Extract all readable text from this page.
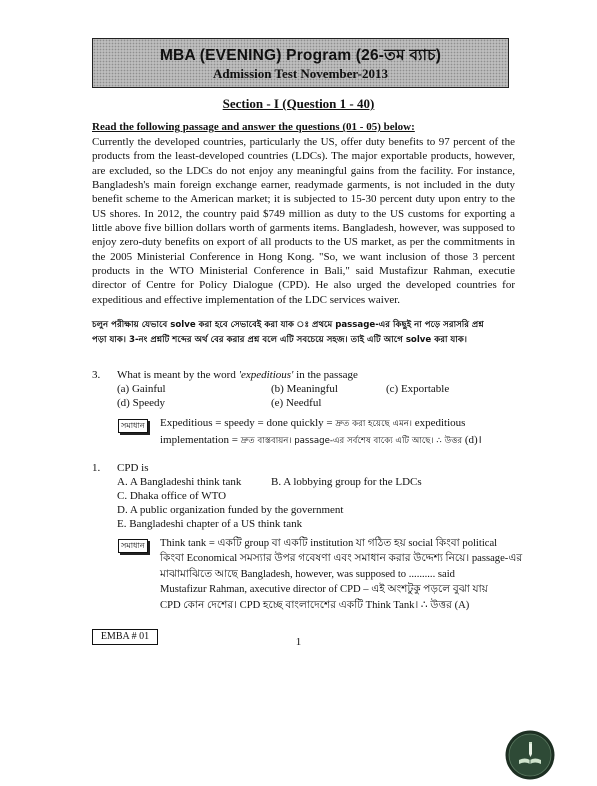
MBA (EVENING) Program (26-তম ব্যাচ)
Admission Test November-2013
Section - I (Question 1 - 40)
Read the following passage and answer the questions (01 - 05) below:
Currently the developed countries, particularly the US, offer duty benefits to 97 percent of the products from the least-developed countries (LDCs). The major exportable products, however, are excluded, so the LDCs do not enjoy any meaningful gains from the facility. For instance, Bangladesh's main foreign exchange earner, readymade garments, is not included in the duty benefit scheme to the American market; it is subjected to 15-30 percent duty upon entry to the US shores. In 2012, the country paid $749 million as duty to the US customs for exporting a little above five billion dollars worth of garments items. Bangladesh, however, was supposed to enjoy zero-duty benefits on export of all products to the US market, as per the commitments in the 2005 Ministerial Conference in Hong Kong. "So, we want inclusion of those 3 percent products in the WTO Ministerial Conference in Bali," said Mustafizur Rahman, executie director of Centre for Policy Dialogue (CPD). He also urged the developed countries for expeditious and effective implementation of the LDC services waiver.
চলুন পরীক্ষায় যেভাবে solve করা হবে সেভাবেই করা যাক ঃ প্রথমে passage-এর কিছুই না পড়ে সরাসরি প্রশ্ন
পড়া যাক। 3-নং প্রশ্নটি শব্দের অর্থ বের করার প্রশ্ন বলে এটি সবচেয়ে সহজ। তাই এটি আগে solve করা যাক।
3. What is meant by the word 'expeditious' in the passage
(a) Gainful	(b) Meaningful	(c) Exportable
(d) Speedy	(e) Needful
সমাধান Expeditious = speedy = done quickly = দ্রুত করা হয়েছে এমন। expeditious
implementation = দ্রুত বাস্তবায়ন। passage-এর সর্বশেষ বাক্যে এটি আছে। ∴ উত্তর (d)।
1. CPD is
A. A Bangladeshi think tank	B. A lobbying group for the LDCs
C. Dhaka office of WTO
D. A public organization funded by the government
E. Bangladeshi chapter of a US think tank
সমাধান Think tank = একটি group বা একটি institution যা গঠিত হয় social কিংবা political
কিংবা Economical সমস্যার উপর গবেষণা এবং সমাধান করার উদ্দেশ্য নিয়ে। passage-এর
মাঝামাঝিতে আছে Bangladesh, however, was supposed to .......... said
Mustafizur Rahman, axecutive director of CPD – এই অংশটুকু পড়লে বুঝা যায়
CPD কোন দেশের। CPD হচ্ছে বাংলাদেশের একটি Think Tank। ∴ উত্তর (A)
EMBA # 01	1
